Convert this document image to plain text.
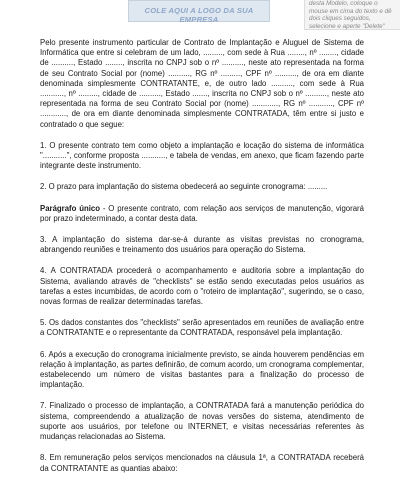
COLE AQUI A LOGO DA SUA EMPRESA
desta Modelo, coloque o mouse em cima do texto e dê dois cliques seguidos, selecione e aperte "Delete"

Pelo presente instrumento particular de Contrato de Implantação e Aluguel de Sistema de Informática que entre si celebram de um lado, ........., com sede à Rua ........, nº ........, cidade de .........., Estado ........, inscrita no CNPJ sob o nº .........., neste ato representada na forma de seu Contrato Social por (nome) .........., RG nº ........., CPF nº .........., de ora em diante denominada simplesmente CONTRATANTE, e, de outro lado .........., com sede à Rua ..........., nº ........., cidade de .........., Estado ......., inscrita no CNPJ sob o nº .........., neste ato representada na forma de seu Contrato Social por (nome) ............, RG nº ..........., CPF nº ............, de ora em diante denominada simplesmente CONTRATADA, têm entre si justo e contratado o que segue:

1. O presente contrato tem como objeto a implantação e locação do sistema de informática "...........", conforme proposta ..........., e tabela de vendas, em anexo, que ficam fazendo parte integrante deste instrumento.

2. O prazo para implantação do sistema obedecerá ao seguinte cronograma: .........

Parágrafo único - O presente contrato, com relação aos serviços de manutenção, vigorará por prazo indeterminado, a contar desta data.

3. A implantação do sistema dar-se-á durante as visitas previstas no cronograma, abrangendo reuniões e treinamento dos usuários para operação do Sistema.

4. A CONTRATADA procederá o acompanhamento e auditoria sobre a implantação do Sistema, avaliando através de "checklists" se estão sendo executadas pelos usuários as tarefas a estes incumbidas, de acordo com o "roteiro de implantação", sugerindo, se o caso, novas formas de realizar determinadas tarefas.

5. Os dados constantes dos "checklists" serão apresentados em reuniões de avaliação entre a CONTRATANTE e o representante da CONTRATADA, responsável pela implantação.

6. Após a execução do cronograma inicialmente previsto, se ainda houverem pendências em relação à implantação, as partes definirão, de comum acordo, um cronograma complementar, estabelecendo um número de visitas bastantes para a finalização do processo de implantação.

7. Finalizado o processo de implantação, a CONTRATADA fará a manutenção periódica do sistema, compreendendo a atualização de novas versões do sistema, atendimento de suporte aos usuários, por telefone ou INTERNET, e visitas necessárias referentes às mudanças relacionadas ao Sistema.

8. Em remuneração pelos serviços mencionados na cláusula 1ª, a CONTRATADA receberá da CONTRATANTE as quantias abaixo:
